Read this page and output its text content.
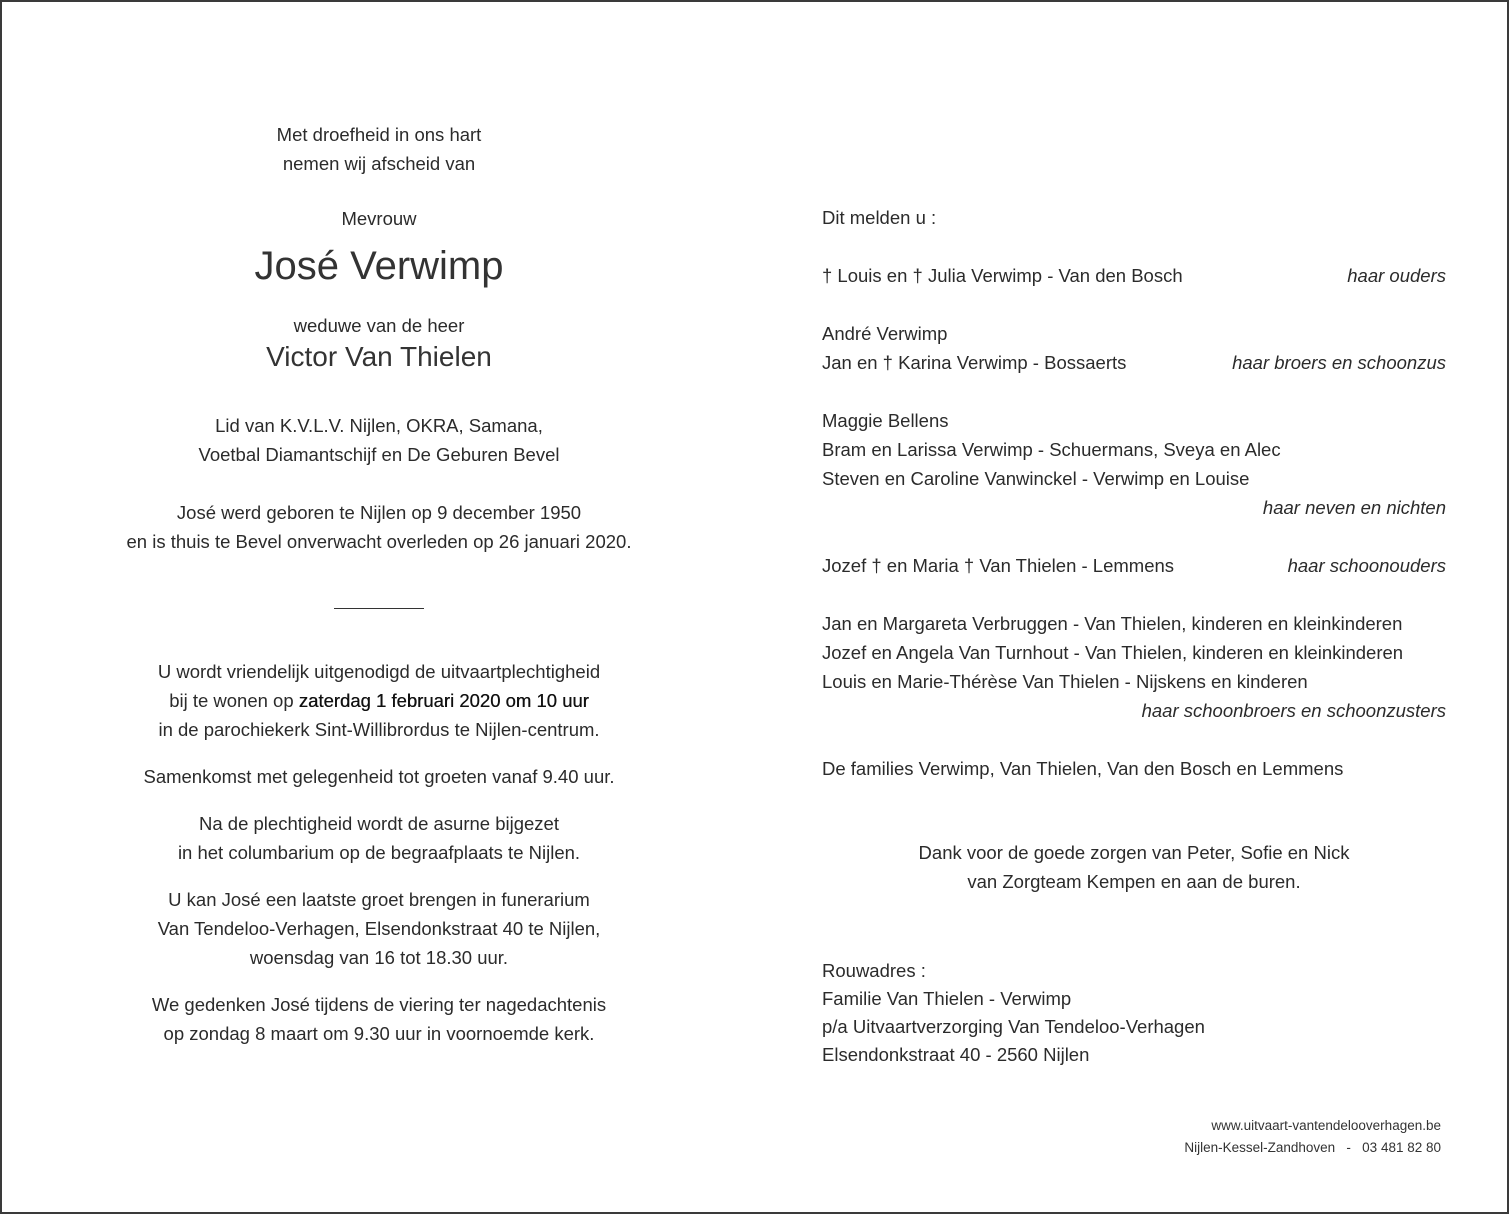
Met droefheid in ons hart

nemen wij afscheid van

Mevrouw

José Verwimp

weduwe van de heer

Victor Van Thielen

Lid van K.V.L.V. Nijlen, OKRA, Samana,

Voetbal Diamantschijf en De Geburen Bevel

José werd geboren te Nijlen op 9 december 1950

en is thuis te Bevel onverwacht overleden op 26 januari 2020.

U wordt vriendelijk uitgenodigd de uitvaartplechtigheid

bij te wonen op zaterdag 1 februari 2020 om 10 uur

in de parochiekerk Sint-Willibrordus te Nijlen-centrum.

Samenkomst met gelegenheid tot groeten vanaf 9.40 uur.

Na de plechtigheid wordt de asurne bijgezet

in het columbarium op de begraafplaats te Nijlen.

U kan José een laatste groet brengen in funerarium

Van Tendeloo-Verhagen, Elsendonkstraat 40 te Nijlen,

woensdag van 16 tot 18.30 uur.

We gedenken José tijdens de viering ter nagedachtenis

op zondag 8 maart om 9.30 uur in voornoemde kerk.

Dit melden u :

† Louis en † Julia Verwimp - Van den Bosch	haar ouders

André Verwimp

Jan en † Karina Verwimp - Bossaerts	haar broers en schoonzus

Maggie Bellens

Bram en Larissa Verwimp - Schuermans, Sveya en Alec

Steven en Caroline Vanwinckel - Verwimp en Louise

haar neven en nichten

Jozef † en Maria † Van Thielen - Lemmens	haar schoonouders

Jan en Margareta Verbruggen - Van Thielen, kinderen en kleinkinderen

Jozef en Angela Van Turnhout - Van Thielen, kinderen en kleinkinderen

Louis en Marie-Thérèse Van Thielen - Nijskens en kinderen

haar schoonbroers en schoonzusters

De families Verwimp, Van Thielen, Van den Bosch en Lemmens

Dank voor de goede zorgen van Peter, Sofie en Nick

van Zorgteam Kempen en aan de buren.

Rouwadres :

Familie Van Thielen - Verwimp

p/a Uitvaartverzorging Van Tendeloo-Verhagen

Elsendonkstraat 40 - 2560 Nijlen

www.uitvaart-vantendelooverhagen.be
Nijlen-Kessel-Zandhoven   -   03 481 82 80
